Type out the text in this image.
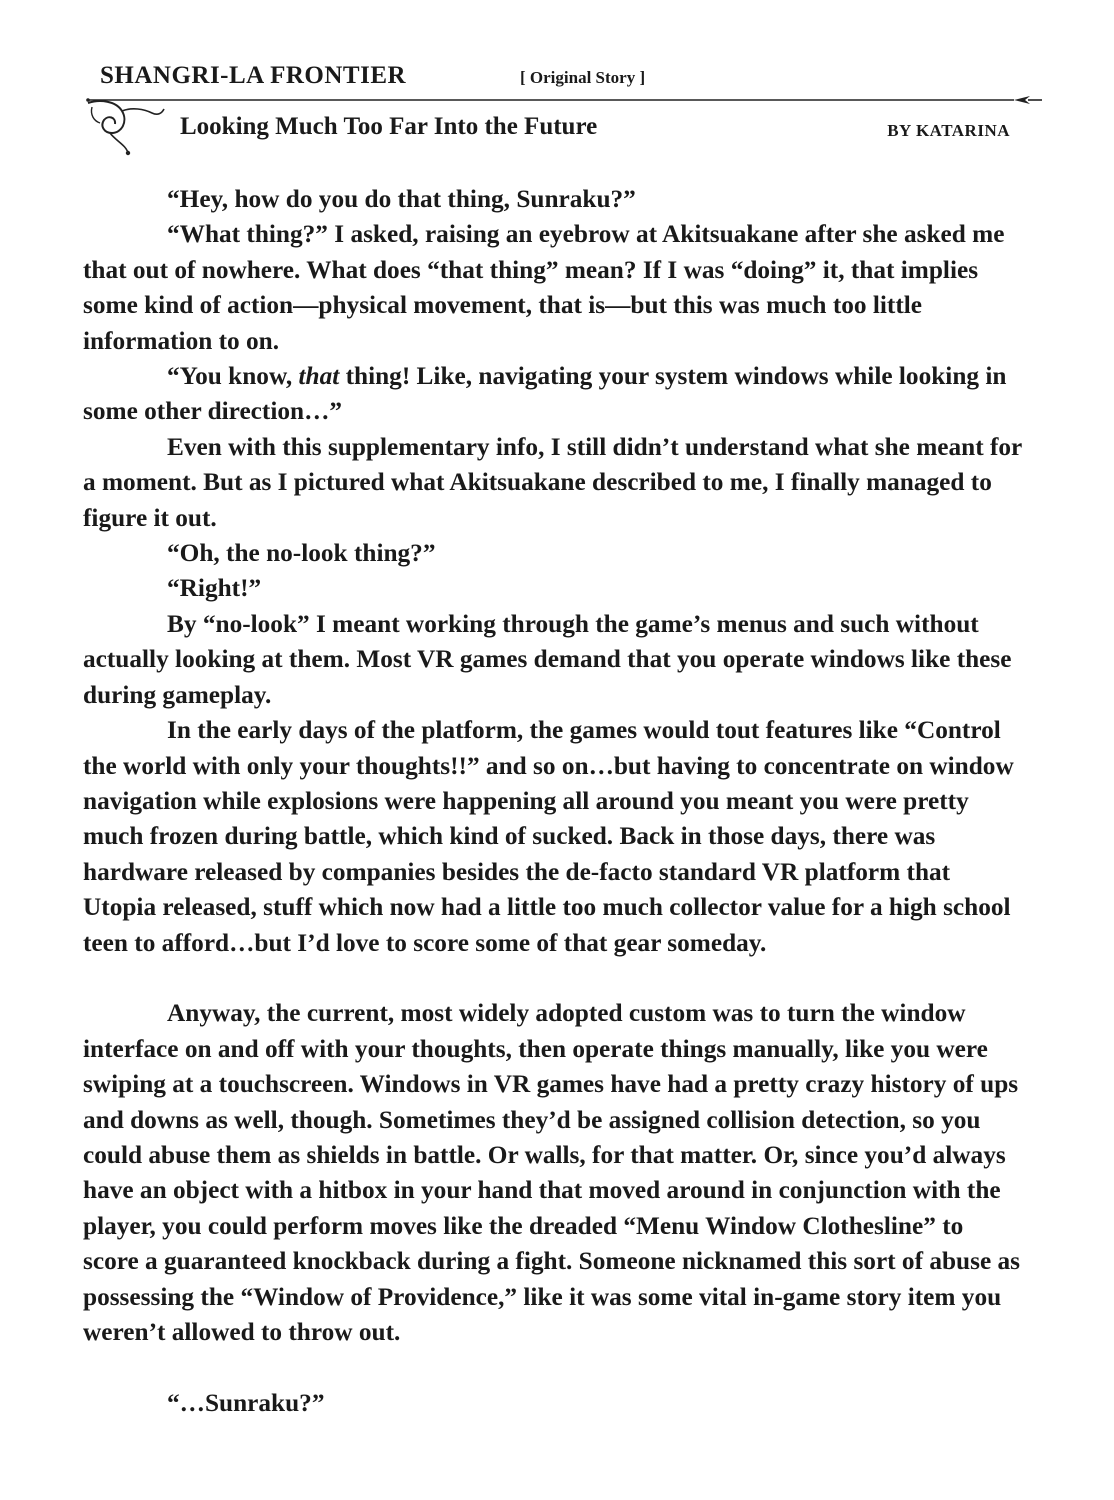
SHANGRI-LA FRONTIER	[ Original Story ]
Looking Much Too Far Into the Future	BY KATARINA

“Hey, how do you do that thing, Sunraku?”

“What thing?” I asked, raising an eyebrow at Akitsuakane after she asked me that out of nowhere. What does “that thing” mean? If I was “doing” it, that implies some kind of action—physical movement, that is—but this was much too little information to on.

“You know, that thing! Like, navigating your system windows while looking in some other direction…”

Even with this supplementary info, I still didn’t understand what she meant for a moment. But as I pictured what Akitsuakane described to me, I finally managed to figure it out.

“Oh, the no-look thing?”

“Right!”

By “no-look” I meant working through the game’s menus and such without actually looking at them. Most VR games demand that you operate windows like these during gameplay.

In the early days of the platform, the games would tout features like “Control the world with only your thoughts!!” and so on…but having to concentrate on window navigation while explosions were happening all around you meant you were pretty much frozen during battle, which kind of sucked. Back in those days, there was hardware released by companies besides the de-facto standard VR platform that Utopia released, stuff which now had a little too much collector value for a high school teen to afford…but I’d love to score some of that gear someday.

Anyway, the current, most widely adopted custom was to turn the window interface on and off with your thoughts, then operate things manually, like you were swiping at a touchscreen. Windows in VR games have had a pretty crazy history of ups and downs as well, though. Sometimes they’d be assigned collision detection, so you could abuse them as shields in battle. Or walls, for that matter. Or, since you’d always have an object with a hitbox in your hand that moved around in conjunction with the player, you could perform moves like the dreaded “Menu Window Clothesline” to score a guaranteed knockback during a fight. Someone nicknamed this sort of abuse as possessing the “Window of Providence,” like it was some vital in-game story item you weren’t allowed to throw out.

“…Sunraku?”
